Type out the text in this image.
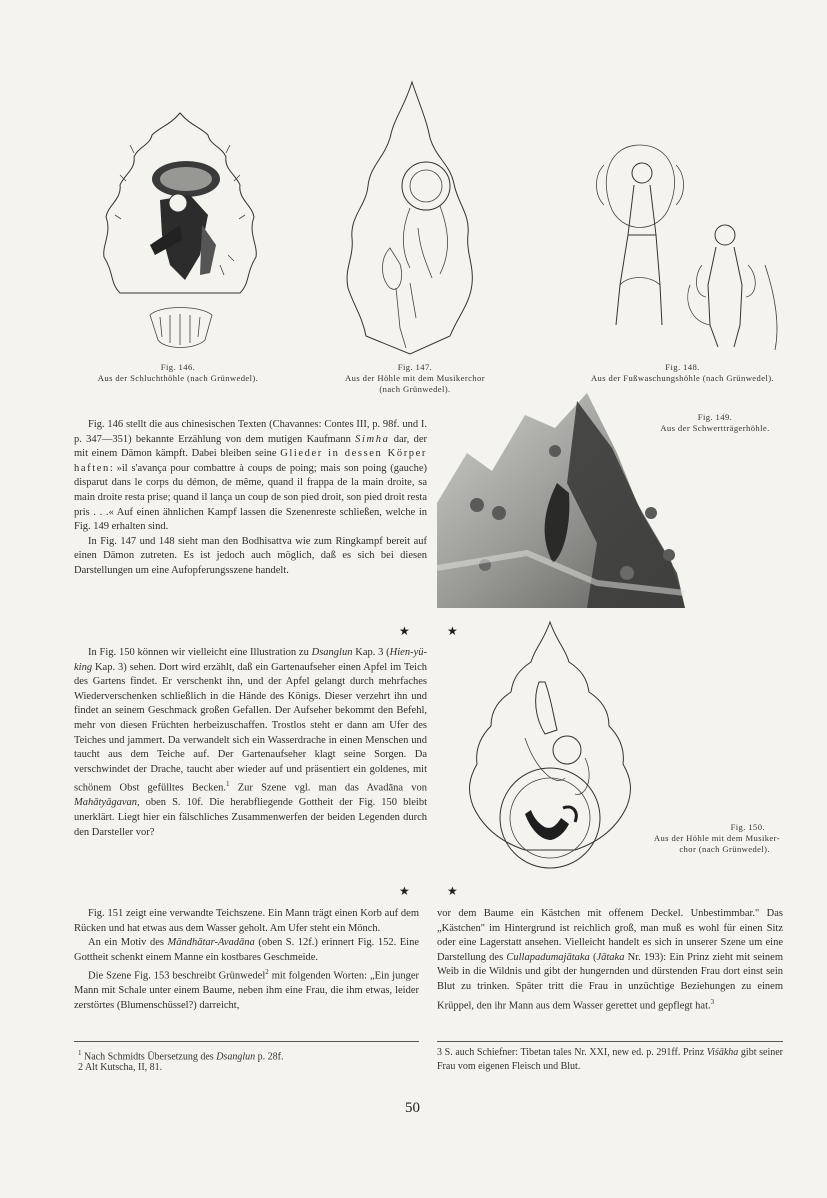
Fig. 146.
Aus der Schluchthöhle (nach Grünwedel).
Fig. 147.
Aus der Höhle mit dem Musikerchor
(nach Grünwedel).
Fig. 148.
Aus der Fußwaschungshöhle (nach Grünwedel).

Fig. 146 stellt die aus chinesischen Texten (Chavannes: Contes III, p. 98f. und I. p. 347—351) bekannte Erzählung von dem mutigen Kaufmann Simha dar, der mit einem Dämon kämpft. Dabei bleiben seine Glieder in dessen Körper haften: »il s'avança pour combattre à coups de poing; mais son poing (gauche) disparut dans le corps du démon, de même, quand il frappa de la main droite, sa main droite resta prise; quand il lança un coup de son pied droit, son pied droit resta pris . . .« Auf einen ähnlichen Kampf lassen die Szenenreste schließen, welche in Fig. 149 erhalten sind.

In Fig. 147 und 148 sieht man den Bodhisattva wie zum Ringkampf bereit auf einen Dämon zutreten. Es ist jedoch auch möglich, daß es sich bei diesen Darstellungen um eine Aufopferungsszene handelt.

Fig. 149.
Aus der Schwertträgerhöhle.
★	★

In Fig. 150 können wir vielleicht eine Illustration zu Dsanglun Kap. 3 (Hien-yü-king Kap. 3) sehen. Dort wird erzählt, daß ein Gartenaufseher einen Apfel im Teich des Gartens findet. Er verschenkt ihn, und der Apfel gelangt durch mehrfaches Wiederverschenken schließlich in die Hände des Königs. Dieser verzehrt ihn und findet an seinem Geschmack großen Gefallen. Der Aufseher bekommt den Befehl, mehr von diesen Früchten herbeizuschaffen. Trostlos steht er dann am Ufer des Teiches und jammert. Da verwandelt sich ein Wasserdrache in einen Menschen und taucht aus dem Teiche auf. Der Gartenaufseher klagt seine Sorgen. Da verschwindet der Drache, taucht aber wieder auf und präsentiert ein goldenes, mit schönem Obst gefülltes Becken.$^1$ Zur Szene vgl. man das Avadāna von Mahātyāgavan, oben S. 10f. Die herabfliegende Gottheit der Fig. 150 bleibt unerklärt. Liegt hier ein fälschliches Zusammenwerfen der beiden Legenden durch den Darsteller vor?	Fig. 150.
Aus der Höhle mit dem Musiker-
chor (nach Grünwedel).
★	★

Fig. 151 zeigt eine verwandte Teichszene. Ein Mann trägt einen Korb auf dem Rücken und hat etwas aus dem Wasser geholt. Am Ufer steht ein Mönch.

An ein Motiv des Māndhātar-Avadāna (oben S. 12f.) erinnert Fig. 152. Eine Gottheit schenkt einem Manne ein kostbares Geschmeide.

Die Szene Fig. 153 beschreibt Grünwedel$^2$ mit folgenden Worten: „Ein junger Mann mit Schale unter einem Baume, neben ihm eine Frau, die ihm etwas, leider zerstörtes (Blumenschüssel?) darreicht,

vor dem Baume ein Kästchen mit offenem Deckel. Unbestimmbar." Das „Kästchen" im Hintergrund ist reichlich groß, man muß es wohl für einen Sitz oder eine Lagerstatt ansehen. Vielleicht handelt es sich in unserer Szene um eine Darstellung des Cullapadumajātaka (Jātaka Nr. 193): Ein Prinz zieht mit seinem Weib in die Wildnis und gibt der hungernden und dürstenden Frau dort einst sein Blut zu trinken. Später tritt die Frau in unzüchtige Beziehungen zu einem Krüppel, den ihr Mann aus dem Wasser gerettet und gepflegt hat.$^3$

$^1$ Nach Schmidts Übersetzung des Dsanglun p. 28f.
2 Alt Kutscha, II, 81.
3 S. auch Schiefner: Tibetan tales Nr. XXI, new ed. p. 291ff. Prinz Viśākha gibt seiner Frau vom eigenen Fleisch und Blut.
50
